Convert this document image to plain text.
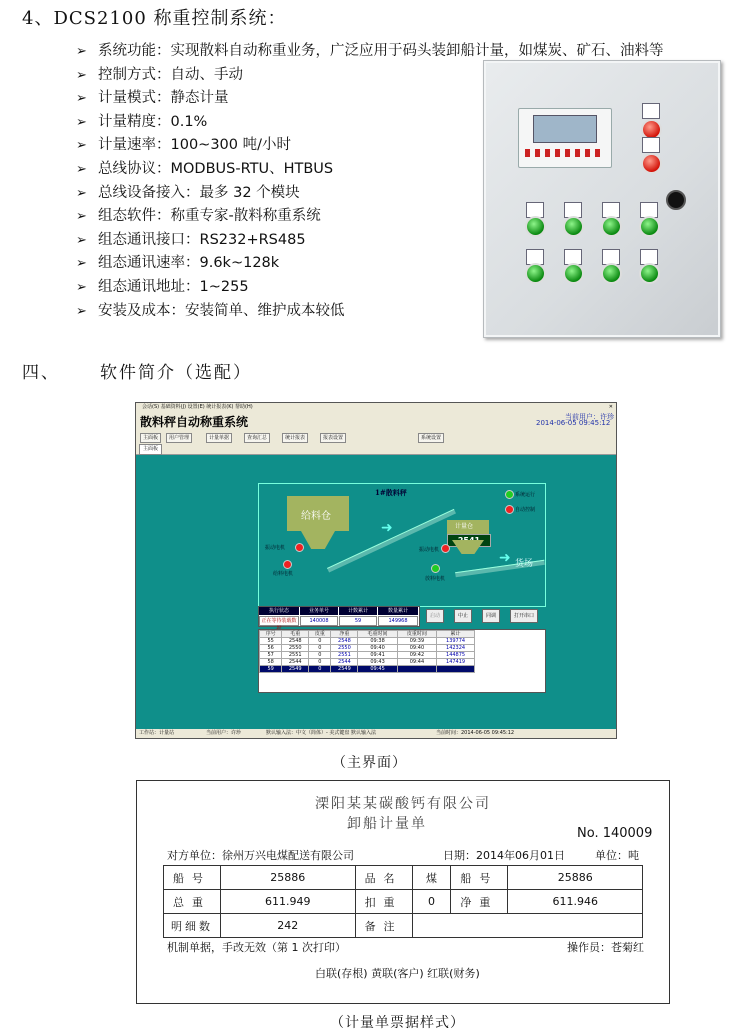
4、DCS2100 称重控制系统：
➢ 系统功能：实现散料自动称重业务，广泛应用于码头装卸船计量，如煤炭、矿石、油料等
➢ 控制方式：自动、手动
➢ 计量模式：静态计量
➢ 计量精度：0.1%
➢ 计量速率：100~300 吨/小时
➢ 总线协议：MODBUS-RTU、HTBUS
➢ 总线设备接入：最多 32 个模块
➢ 组态软件：称重专家-散料称重系统
➢ 组态通讯接口：RS232+RS485
➢ 组态通讯速率：9.6k~128k
➢ 组态通讯地址：1~255
➢ 安装及成本：安装简单、维护成本较低
四、 软件简介（选配）
会话(S) 基础资料(J) 设置(E) 统计报表(K) 帮助(H)	✕
散料秤自动称重系统	2014-06-05 09:45:12
当前用户：许珍
主面板	用户管理	计量单据	查询汇总	统计报表	报表设置	系统设置
主面板
1#散料秤
给料仓
➜	计量仓
➜ 货场
振动电机
给料电机
振动电机
放料电机
系统运行
自动控制
执行状态	业务单号	计数累计	数量累计
正在等待装载数	140008	59	149968
启动	中止	同调	打开串口
序号	毛重	皮重	净重	毛重时间	皮重时间	累计
55	2548	0	2548	09:38	09:39	139774
56	2550	0	2550	09:40	09:40	142324
57	2551	0	2551	09:41	09:42	144875
58	2544	0	2544	09:43	09:44	147419
59	2549	0	2549	09:45		
工作站：计量站	当前用户：许珍	默认输入法：中文（简体）- 美式键盘 默认输入法	当前时间：2014-06-05 09:45:12
（主界面）
溧阳某某碳酸钙有限公司
卸船计量单
No. 140009
对方单位：徐州万兴电煤配送有限公司	日期：2014年06月01日	单位：吨
船号	25886	品名	煤	船号	25886
总重	611.949	扣重	0	净重	611.946
明细数	242	备注			
机制单据，手改无效（第 1 次打印）	操作员：苍菊红
白联(存根) 黄联(客户) 红联(财务)
（计量单票据样式）
